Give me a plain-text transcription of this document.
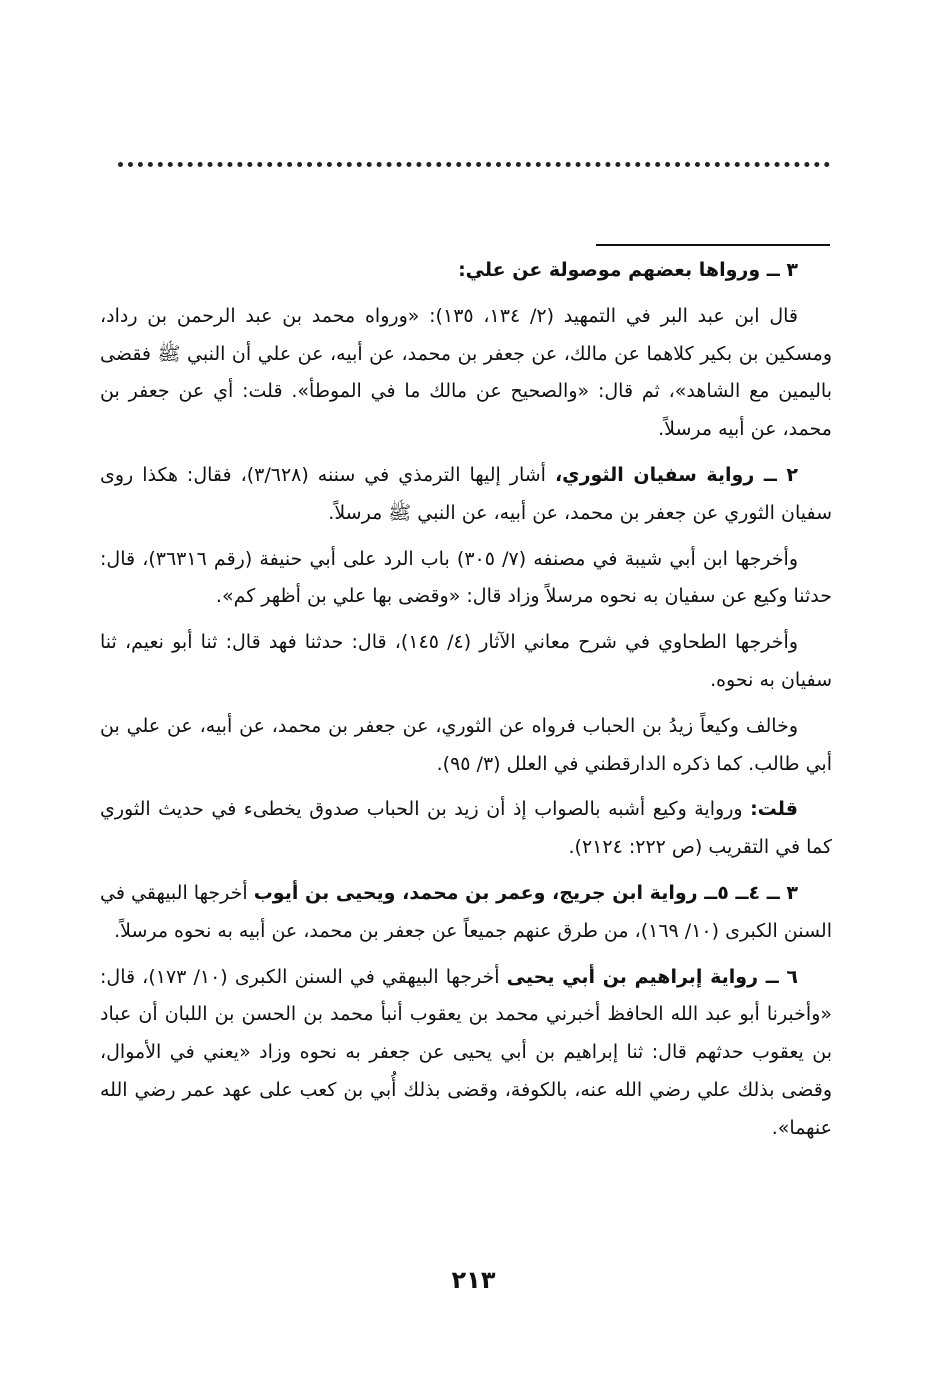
٣ ــ ورواها بعضهم موصولة عن علي:

قال ابن عبد البر في التمهيد (٢/ ١٣٤، ١٣٥): «ورواه محمد بن عبد الرحمن بن رداد، ومسكين بن بكير كلاهما عن مالك، عن جعفر بن محمد، عن أبيه، عن علي أن النبي ﷺ فقضى باليمين مع الشاهد»، ثم قال: «والصحيح عن مالك ما في الموطأ». قلت: أي عن جعفر بن محمد، عن أبيه مرسلاً.

٢ ــ رواية سفيان الثوري، أشار إليها الترمذي في سننه (٣/٦٢٨)، فقال: هكذا روى سفيان الثوري عن جعفر بن محمد، عن أبيه، عن النبي ﷺ مرسلاً.

وأخرجها ابن أبي شيبة في مصنفه (٧/ ٣٠٥) باب الرد على أبي حنيفة (رقم ٣٦٣١٦)، قال: حدثنا وكيع عن سفيان به نحوه مرسلاً وزاد قال: «وقضى بها علي بن أظهر كم».

وأخرجها الطحاوي في شرح معاني الآثار (٤/ ١٤٥)، قال: حدثنا فهد قال: ثنا أبو نعيم، ثنا سفيان به نحوه.

وخالف وكيعاً زيدُ بن الحباب فرواه عن الثوري، عن جعفر بن محمد، عن أبيه، عن علي بن أبي طالب. كما ذكره الدارقطني في العلل (٣/ ٩٥).

قلت: ورواية وكيع أشبه بالصواب إذ أن زيد بن الحباب صدوق يخطىء في حديث الثوري كما في التقريب (ص ٢٢٢: ٢١٢٤).

٣ ــ ٤ــ ٥ــ رواية ابن جريج، وعمر بن محمد، ويحيى بن أيوب أخرجها البيهقي في السنن الكبرى (١٠/ ١٦٩)، من طرق عنهم جميعاً عن جعفر بن محمد، عن أبيه به نحوه مرسلاً.

٦ ــ رواية إبراهيم بن أبي يحيى أخرجها البيهقي في السنن الكبرى (١٠/ ١٧٣)، قال: «وأخبرنا أبو عبد الله الحافظ أخبرني محمد بن يعقوب أنبأ محمد بن الحسن بن اللبان أن عباد بن يعقوب حدثهم قال: ثنا إبراهيم بن أبي يحيى عن جعفر به نحوه وزاد «يعني في الأموال، وقضى بذلك علي رضي الله عنه، بالكوفة، وقضى بذلك أُبي بن كعب على عهد عمر رضي الله عنهما».

٢١٣
